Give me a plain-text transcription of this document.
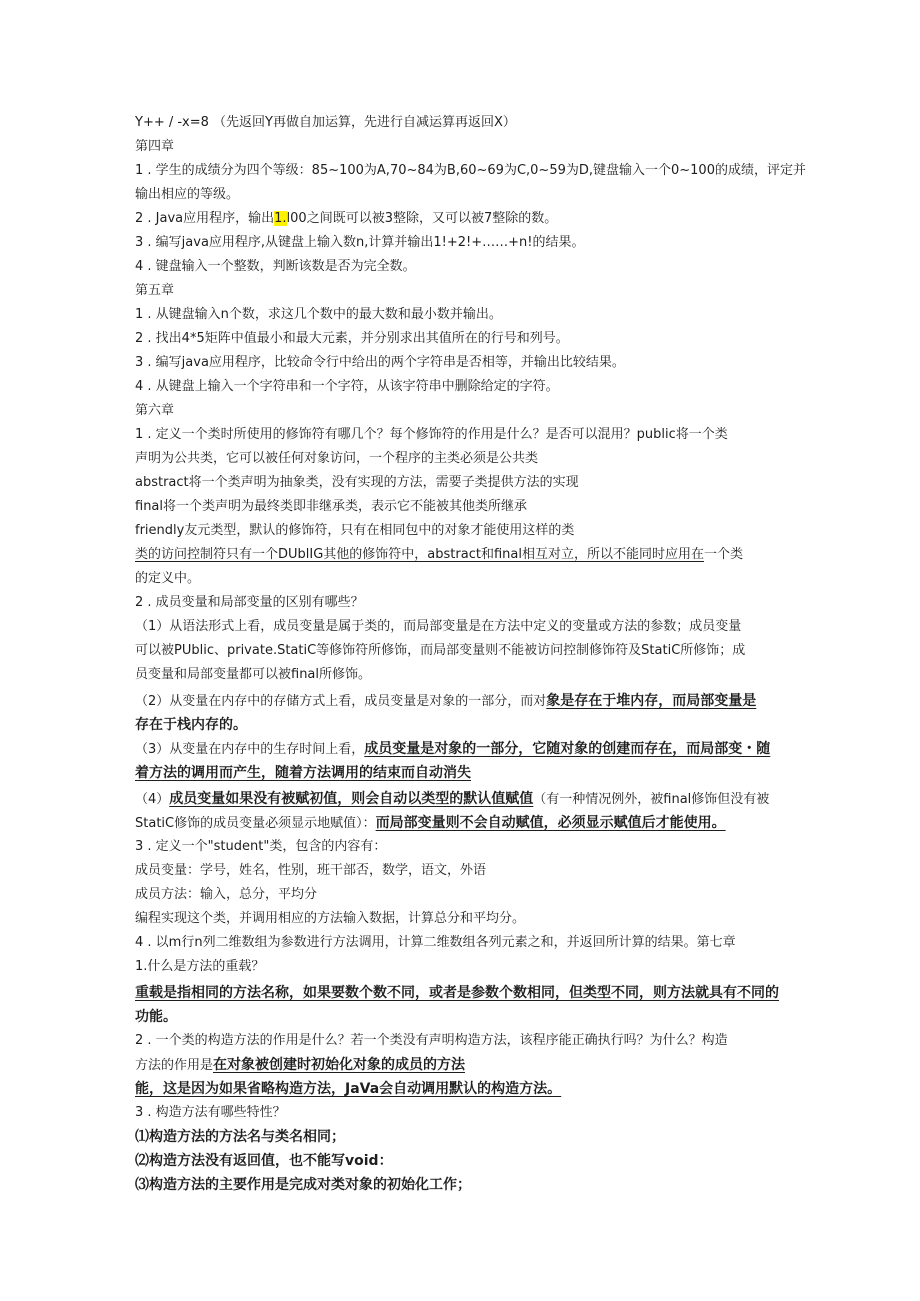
Y++ / -x=8 （先返回Y再做自加运算，先进行自减运算再返回X）
第四章
1 . 学生的成绩分为四个等级：85~100为A,70~84为B,60~69为C,0~59为D,键盘输入一个0~100的成绩，评定并
输出相应的等级。
2 . Java应用程序，输出1.l00之间既可以被3整除，又可以被7整除的数。
3 . 编写java应用程序,从键盘上输入数n,计算并输出1!+2!+……+n!的结果。
4 . 键盘输入一个整数，判断该数是否为完全数。
第五章
1 . 从键盘输入n个数，求这几个数中的最大数和最小数并输出。
2 . 找出4*5矩阵中值最小和最大元素，并分别求出其值所在的行号和列号。
3 . 编写java应用程序，比较命令行中给出的两个字符串是否相等，并输出比较结果。
4 . 从键盘上输入一个字符串和一个字符，从该字符串中删除给定的字符。
第六章
1 . 定义一个类时所使用的修饰符有哪几个？每个修饰符的作用是什么？是否可以混用？public将一个类
声明为公共类，它可以被任何对象访问，一个程序的主类必须是公共类
abstract将一个类声明为抽象类，没有实现的方法，需要子类提供方法的实现
final将一个类声明为最终类即非继承类，表示它不能被其他类所继承
friendly友元类型，默认的修饰符，只有在相同包中的对象才能使用这样的类
类的访问控制符只有一个DUblIG其他的修饰符中，abstract和final相互对立，所以不能同时应用在一个类
的定义中。
2 . 成员变量和局部变量的区别有哪些？
（1）从语法形式上看，成员变量是属于类的，而局部变量是在方法中定义的变量或方法的参数；成员变量
可以被PUblic、private.StatiC等修饰符所修饰，而局部变量则不能被访问控制修饰符及StatiC所修饰；成
员变量和局部变量都可以被final所修饰。
（2）从变量在内存中的存储方式上看，成员变量是对象的一部分，而对象是存在于堆内存，而局部变量是
存在于栈内存的。
（3）从变量在内存中的生存时间上看，成员变量是对象的一部分，它随对象的创建而存在，而局部变・随
着方法的调用而产生，随着方法调用的结束而自动消失
（4）成员变量如果没有被赋初值，则会自动以类型的默认值赋值（有一种情况例外，被final修饰但没有被
StatiC修饰的成员变量必须显示地赋值）：而局部变量则不会自动赋值，必须显示赋值后才能使用。
3 . 定义一个"student"类，包含的内容有：
成员变量：学号，姓名，性别，班干部否，数学，语文，外语
成员方法：输入，总分，平均分
编程实现这个类，并调用相应的方法输入数据，计算总分和平均分。
4 . 以m行n列二维数组为参数进行方法调用，计算二维数组各列元素之和，并返回所计算的结果。第七章
1.什么是方法的重载？
重载是指相同的方法名称，如果要数个数不同，或者是参数个数相同，但类型不同，则方法就具有不同的
功能。
2 . 一个类的构造方法的作用是什么？若一个类没有声明构造方法，该程序能正确执行吗？为什么？构造
方法的作用是在对象被创建时初始化对象的成员的方法
能，这是因为如果省略构造方法，JaVa会自动调用默认的构造方法。
3 . 构造方法有哪些特性？
⑴构造方法的方法名与类名相同；
⑵构造方法没有返回值，也不能写void：
⑶构造方法的主要作用是完成对类对象的初始化工作；
